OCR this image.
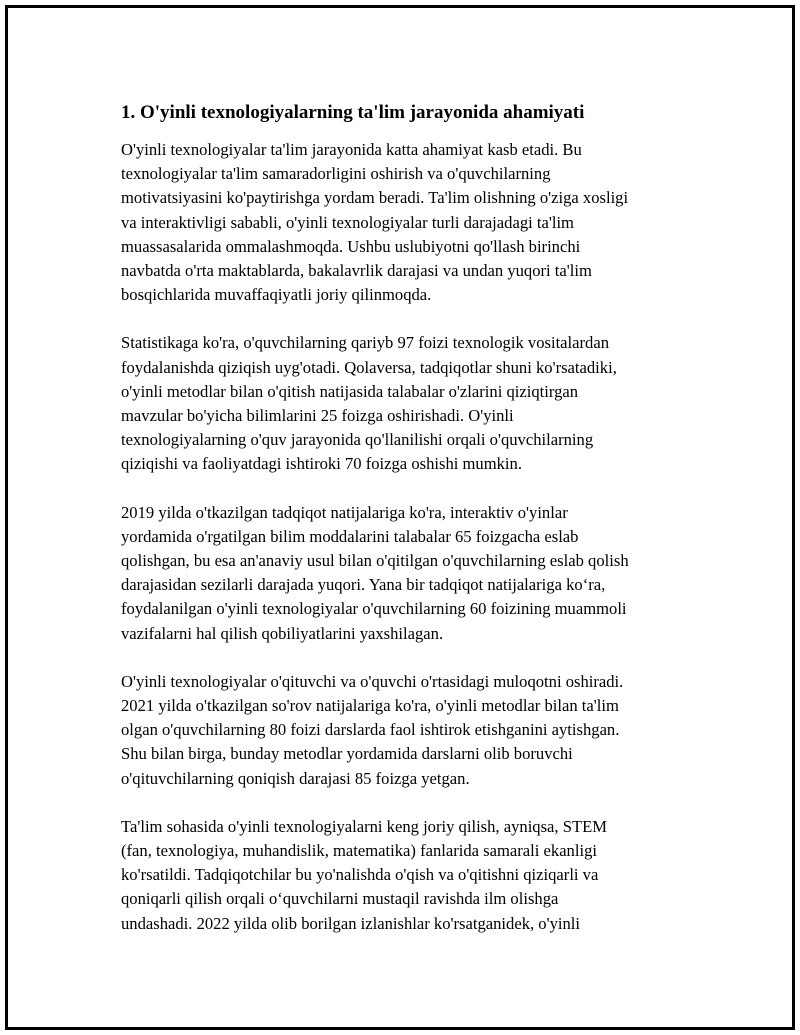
1. O'yinli texnologiyalarning ta'lim jarayonida ahamiyati
O'yinli texnologiyalar ta'lim jarayonida katta ahamiyat kasb etadi. Bu
texnologiyalar ta'lim samaradorligini oshirish va o'quvchilarning
motivatsiyasini ko'paytirishga yordam beradi. Ta'lim olishning o'ziga xosligi
va interaktivligi sababli, o'yinli texnologiyalar turli darajadagi ta'lim
muassasalarida ommalashmoqda. Ushbu uslubiyotni qo'llash birinchi
navbatda o'rta maktablarda, bakalavrlik darajasi va undan yuqori ta'lim
bosqichlarida muvaffaqiyatli joriy qilinmoqda.
Statistikaga ko'ra, o'quvchilarning qariyb 97 foizi texnologik vositalardan
foydalanishda qiziqish uyg'otadi. Qolaversa, tadqiqotlar shuni ko'rsatadiki,
o'yinli metodlar bilan o'qitish natijasida talabalar o'zlarini qiziqtirgan
mavzular bo'yicha bilimlarini 25 foizga oshirishadi. O'yinli
texnologiyalarning o'quv jarayonida qo'llanilishi orqali o'quvchilarning
qiziqishi va faoliyatdagi ishtiroki 70 foizga oshishi mumkin.
2019 yilda o'tkazilgan tadqiqot natijalariga ko'ra, interaktiv o'yinlar
yordamida o'rgatilgan bilim moddalarini talabalar 65 foizgacha eslab
qolishgan, bu esa an'anaviy usul bilan o'qitilgan o'quvchilarning eslab qolish
darajasidan sezilarli darajada yuqori. Yana bir tadqiqot natijalariga ko‘ra,
foydalanilgan o'yinli texnologiyalar o'quvchilarning 60 foizining muammoli
vazifalarni hal qilish qobiliyatlarini yaxshilagan.
O'yinli texnologiyalar o'qituvchi va o'quvchi o'rtasidagi muloqotni oshiradi.
2021 yilda o'tkazilgan so'rov natijalariga ko'ra, o'yinli metodlar bilan ta'lim
olgan o'quvchilarning 80 foizi darslarda faol ishtirok etishganini aytishgan.
Shu bilan birga, bunday metodlar yordamida darslarni olib boruvchi
o'qituvchilarning qoniqish darajasi 85 foizga yetgan.
Ta'lim sohasida o'yinli texnologiyalarni keng joriy qilish, ayniqsa, STEM
(fan, texnologiya, muhandislik, matematika) fanlarida samarali ekanligi
ko'rsatildi. Tadqiqotchilar bu yo'nalishda o'qish va o'qitishni qiziqarli va
qoniqarli qilish orqali o‘quvchilarni mustaqil ravishda ilm olishga
undashadi. 2022 yilda olib borilgan izlanishlar ko'rsatganidek, o'yinli
